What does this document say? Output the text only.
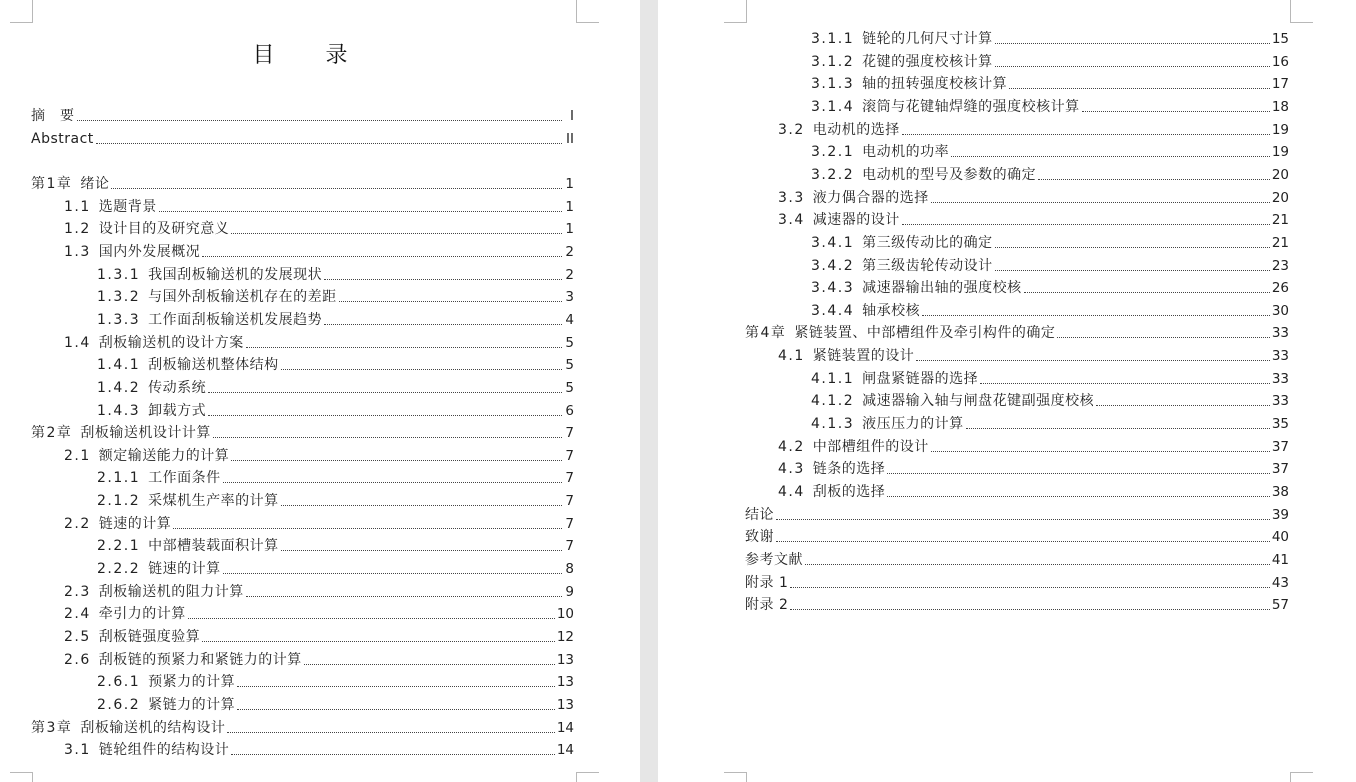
目 录
摘　要	I
Abstract	II
第1章 绪论	1
1.1 选题背景	1
1.2 设计目的及研究意义	1
1.3 国内外发展概况	2
1.3.1 我国刮板输送机的发展现状	2
1.3.2 与国外刮板输送机存在的差距	3
1.3.3 工作面刮板输送机发展趋势	4
1.4 刮板输送机的设计方案	5
1.4.1 刮板输送机整体结构	5
1.4.2 传动系统	5
1.4.3 卸载方式	6
第2章 刮板输送机设计计算	7
2.1 额定输送能力的计算	7
2.1.1 工作面条件	7
2.1.2 采煤机生产率的计算	7
2.2 链速的计算	7
2.2.1 中部槽装载面积计算	7
2.2.2 链速的计算	8
2.3 刮板输送机的阻力计算	9
2.4 牵引力的计算	10
2.5 刮板链强度验算	12
2.6 刮板链的预紧力和紧链力的计算	13
2.6.1 预紧力的计算	13
2.6.2 紧链力的计算	13
第3章 刮板输送机的结构设计	14
3.1 链轮组件的结构设计	14
3.1.1 链轮的几何尺寸计算	15
3.1.2 花键的强度校核计算	16
3.1.3 轴的扭转强度校核计算	17
3.1.4 滚筒与花键轴焊缝的强度校核计算	18
3.2 电动机的选择	19
3.2.1 电动机的功率	19
3.2.2 电动机的型号及参数的确定	20
3.3 液力偶合器的选择	20
3.4 减速器的设计	21
3.4.1 第三级传动比的确定	21
3.4.2 第三级齿轮传动设计	23
3.4.3 减速器输出轴的强度校核	26
3.4.4 轴承校核	30
第4章 紧链装置、中部槽组件及牵引构件的确定	33
4.1 紧链装置的设计	33
4.1.1 闸盘紧链器的选择	33
4.1.2 减速器输入轴与闸盘花键副强度校核	33
4.1.3 液压压力的计算	35
4.2 中部槽组件的设计	37
4.3 链条的选择	37
4.4 刮板的选择	38
结论	39
致谢	40
参考文献	41
附录 1	43
附录 2	57
